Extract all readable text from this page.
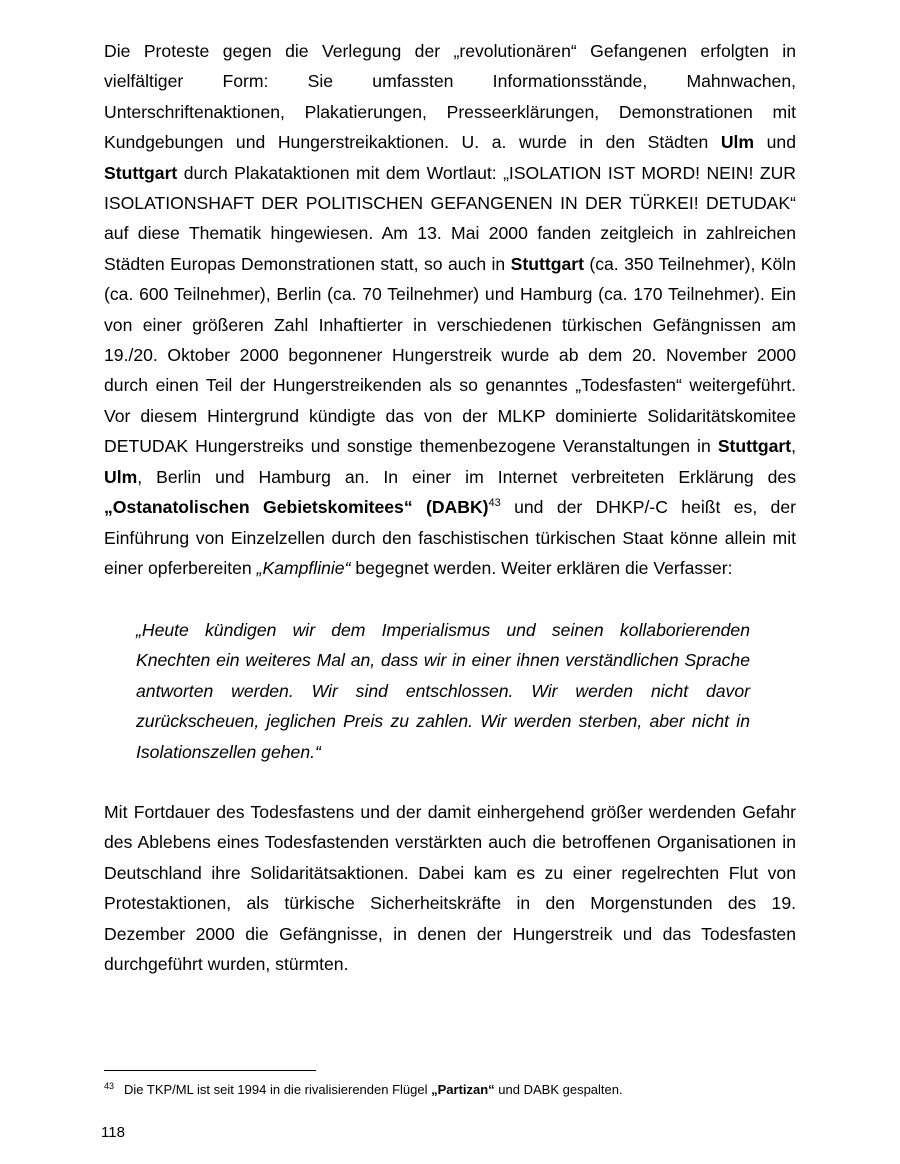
Die Proteste gegen die Verlegung der „revolutionären“ Gefangenen erfolgten in vielfältiger Form: Sie umfassten Informationsstände, Mahnwachen, Unterschriftenaktionen, Plakatierungen, Presseerklärungen, Demonstrationen mit Kundgebungen und Hungerstreikaktionen. U. a. wurde in den Städten Ulm und Stuttgart durch Plakataktionen mit dem Wortlaut: „ISOLATION IST MORD! NEIN! ZUR ISOLATIONSHAFT DER POLITISCHEN GEFANGENEN IN DER TÜRKEI! DETUDAK“ auf diese Thematik hingewiesen. Am 13. Mai 2000 fanden zeitgleich in zahlreichen Städten Europas Demonstrationen statt, so auch in Stuttgart (ca. 350 Teilnehmer), Köln (ca. 600 Teilnehmer), Berlin (ca. 70 Teilnehmer) und Hamburg (ca. 170 Teilnehmer). Ein von einer größeren Zahl Inhaftierter in verschiedenen türkischen Gefängnissen am 19./20. Oktober 2000 begonnener Hungerstreik wurde ab dem 20. November 2000 durch einen Teil der Hungerstreikenden als so genanntes „Todesfasten“ weitergeführt. Vor diesem Hintergrund kündigte das von der MLKP dominierte Solidaritätskomitee DETUDAK Hungerstreiks und sonstige themenbezogene Veranstaltungen in Stuttgart, Ulm, Berlin und Hamburg an. In einer im Internet verbreiteten Erklärung des „Ostanatolischen Gebietskomitees“ (DABK)$^{43}$ und der DHKP/-C heißt es, der Einführung von Einzelzellen durch den faschistischen türkischen Staat könne allein mit einer opferbereiten „Kampflinie“ begegnet werden. Weiter erklären die Verfasser:
„Heute kündigen wir dem Imperialismus und seinen kollaborierenden Knechten ein weiteres Mal an, dass wir in einer ihnen verständlichen Sprache antworten werden. Wir sind entschlossen. Wir werden nicht davor zurückscheuen, jeglichen Preis zu zahlen. Wir werden sterben, aber nicht in Isolationszellen gehen.“
Mit Fortdauer des Todesfastens und der damit einhergehend größer werdenden Gefahr des Ablebens eines Todesfastenden verstärkten auch die betroffenen Organisationen in Deutschland ihre Solidaritätsaktionen. Dabei kam es zu einer regelrechten Flut von Protestaktionen, als türkische Sicherheitskräfte in den Morgenstunden des 19. Dezember 2000 die Gefängnisse, in denen der Hungerstreik und das Todesfasten durchgeführt wurden, stürmten.
$^{43}$ Die TKP/ML ist seit 1994 in die rivalisierenden Flügel „Partizan“ und DABK gespalten.
118
